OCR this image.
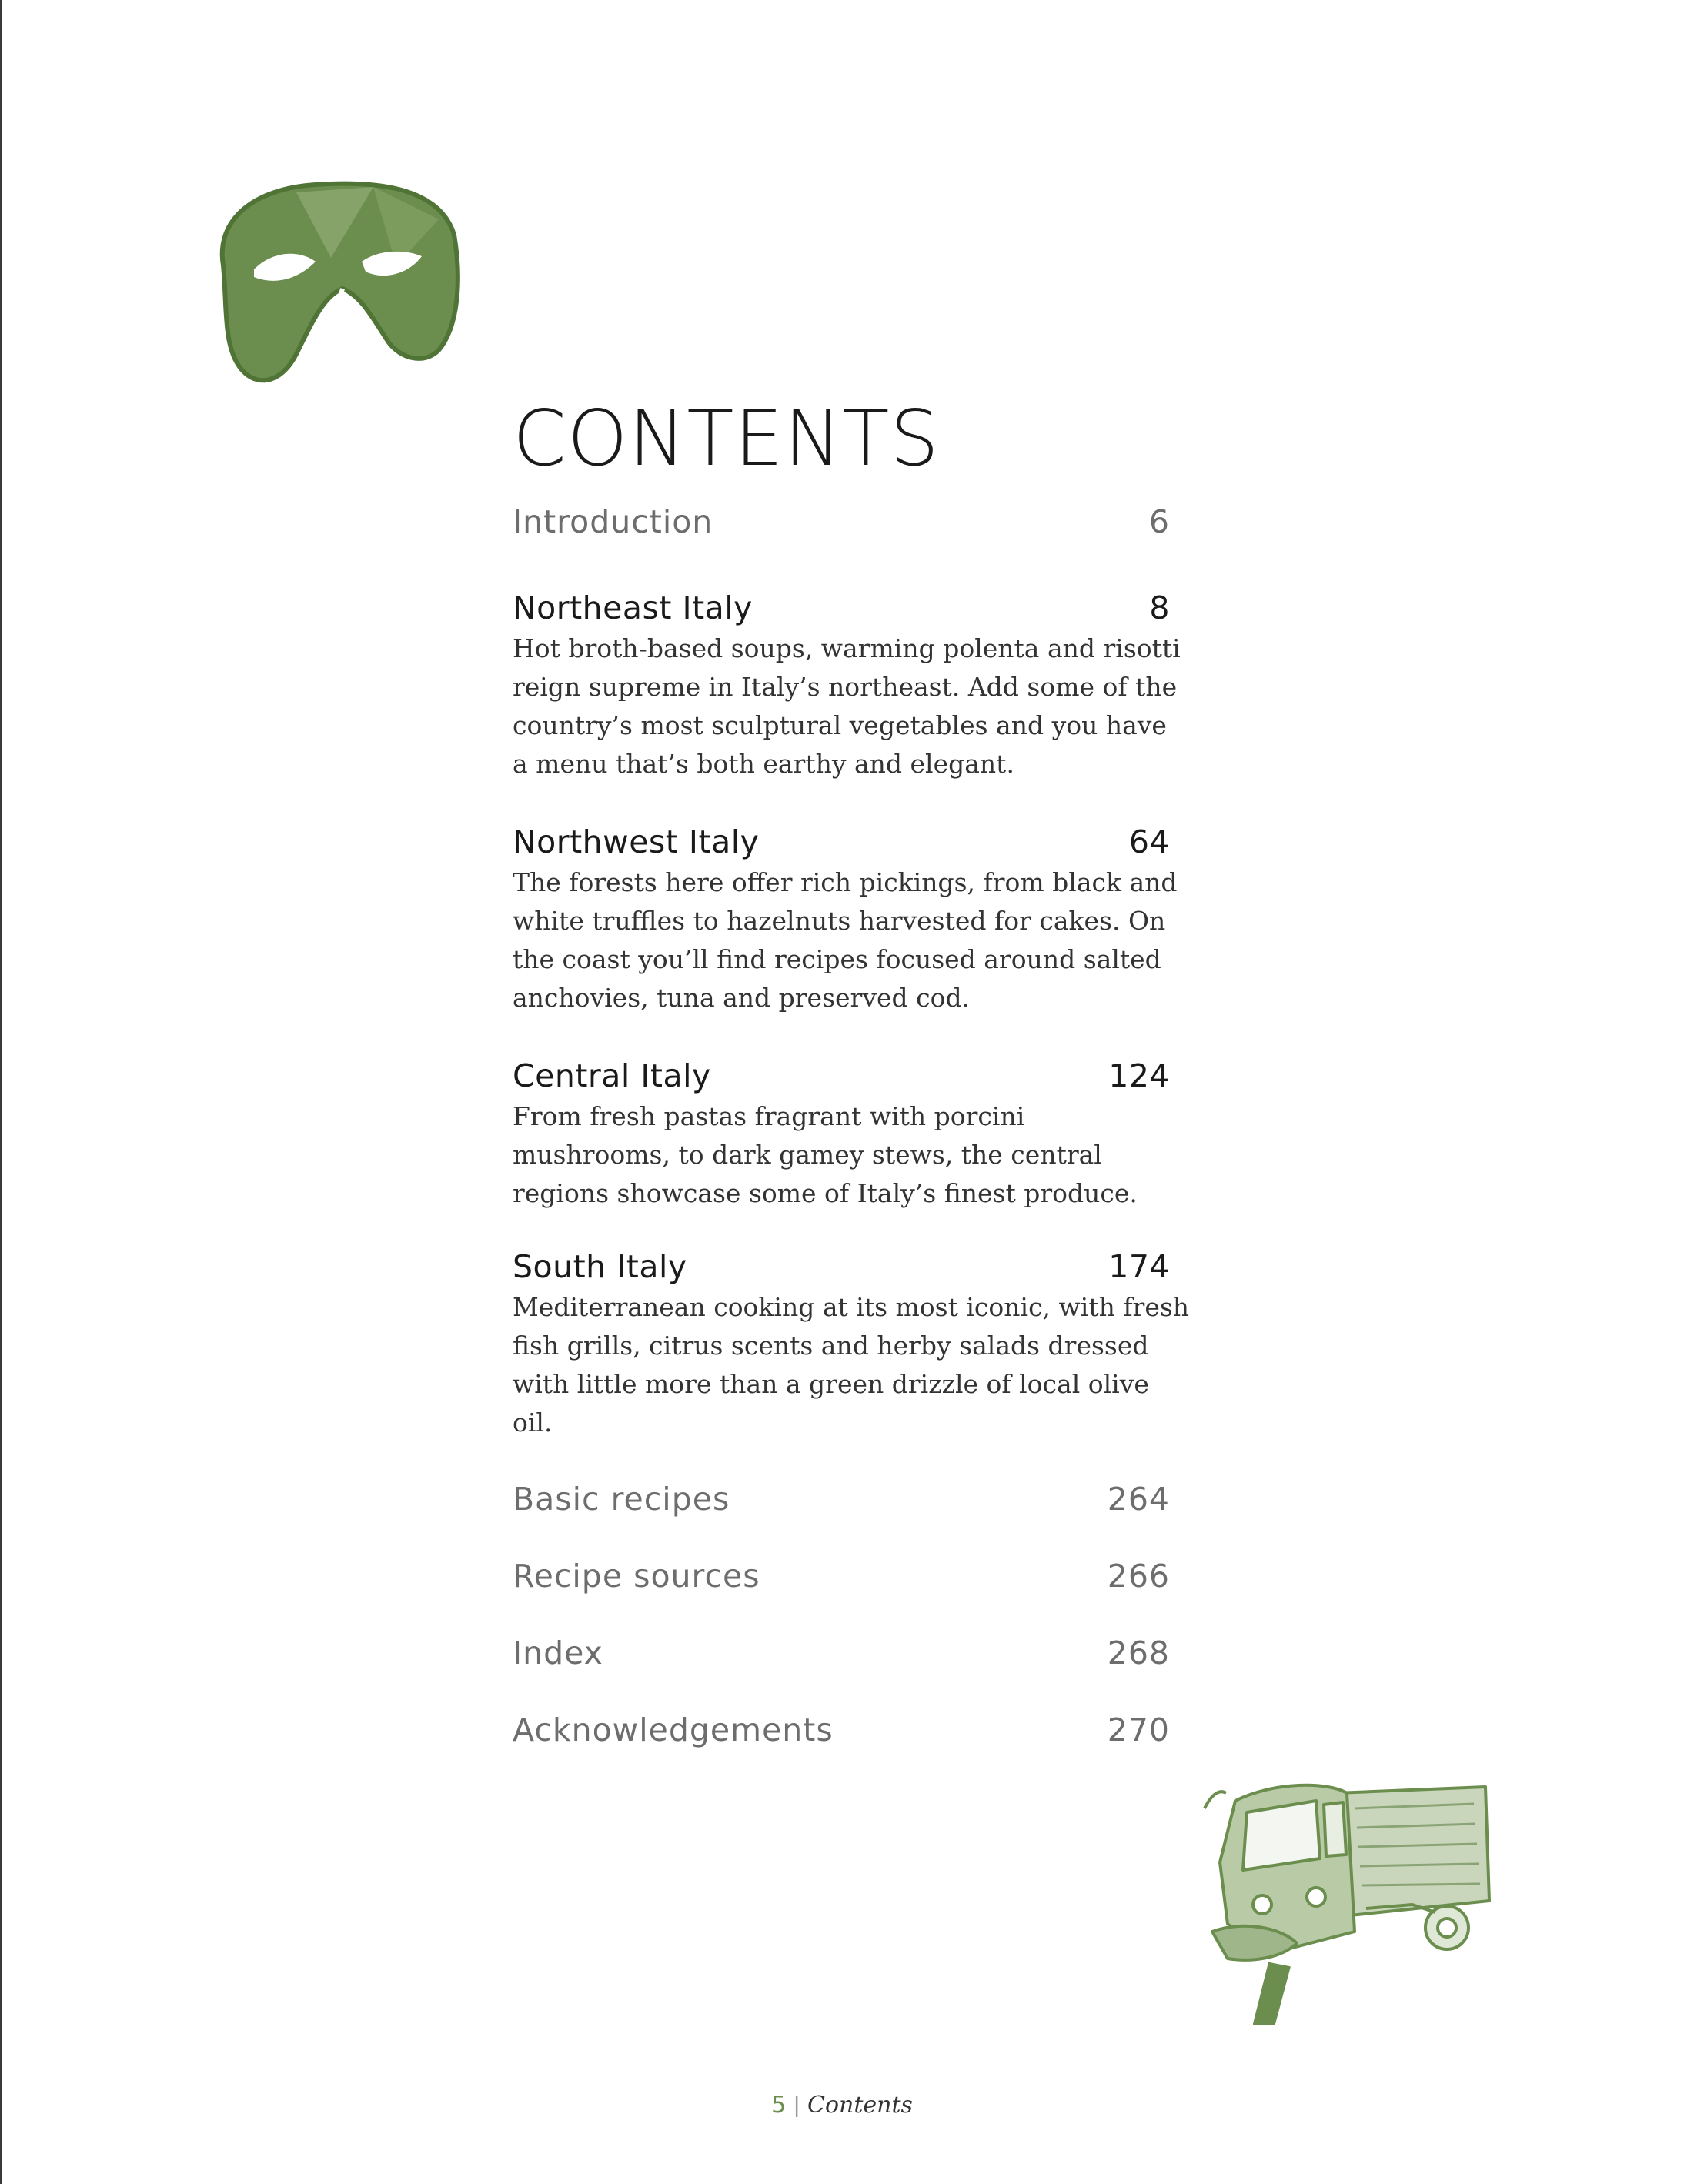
CONTENTS
Introduction	6
Northeast Italy	8

Hot broth-based soups, warming polenta and risotti reign supreme in Italy’s northeast. Add some of the country’s most sculptural vegetables and you have a menu that’s both earthy and elegant.

Northwest Italy	64

The forests here offer rich pickings, from black and white truffles to hazelnuts harvested for cakes. On the coast you’ll find recipes focused around salted anchovies, tuna and preserved cod.

Central Italy	124

From fresh pastas fragrant with porcini mushrooms, to dark gamey stews, the central regions showcase some of Italy’s finest produce.

South Italy	174

Mediterranean cooking at its most iconic, with fresh fish grills, citrus scents and herby salads dressed with little more than a green drizzle of local olive oil.

Basic recipes	264
Recipe sources	266
Index	268
Acknowledgements	270
5 | Contents
